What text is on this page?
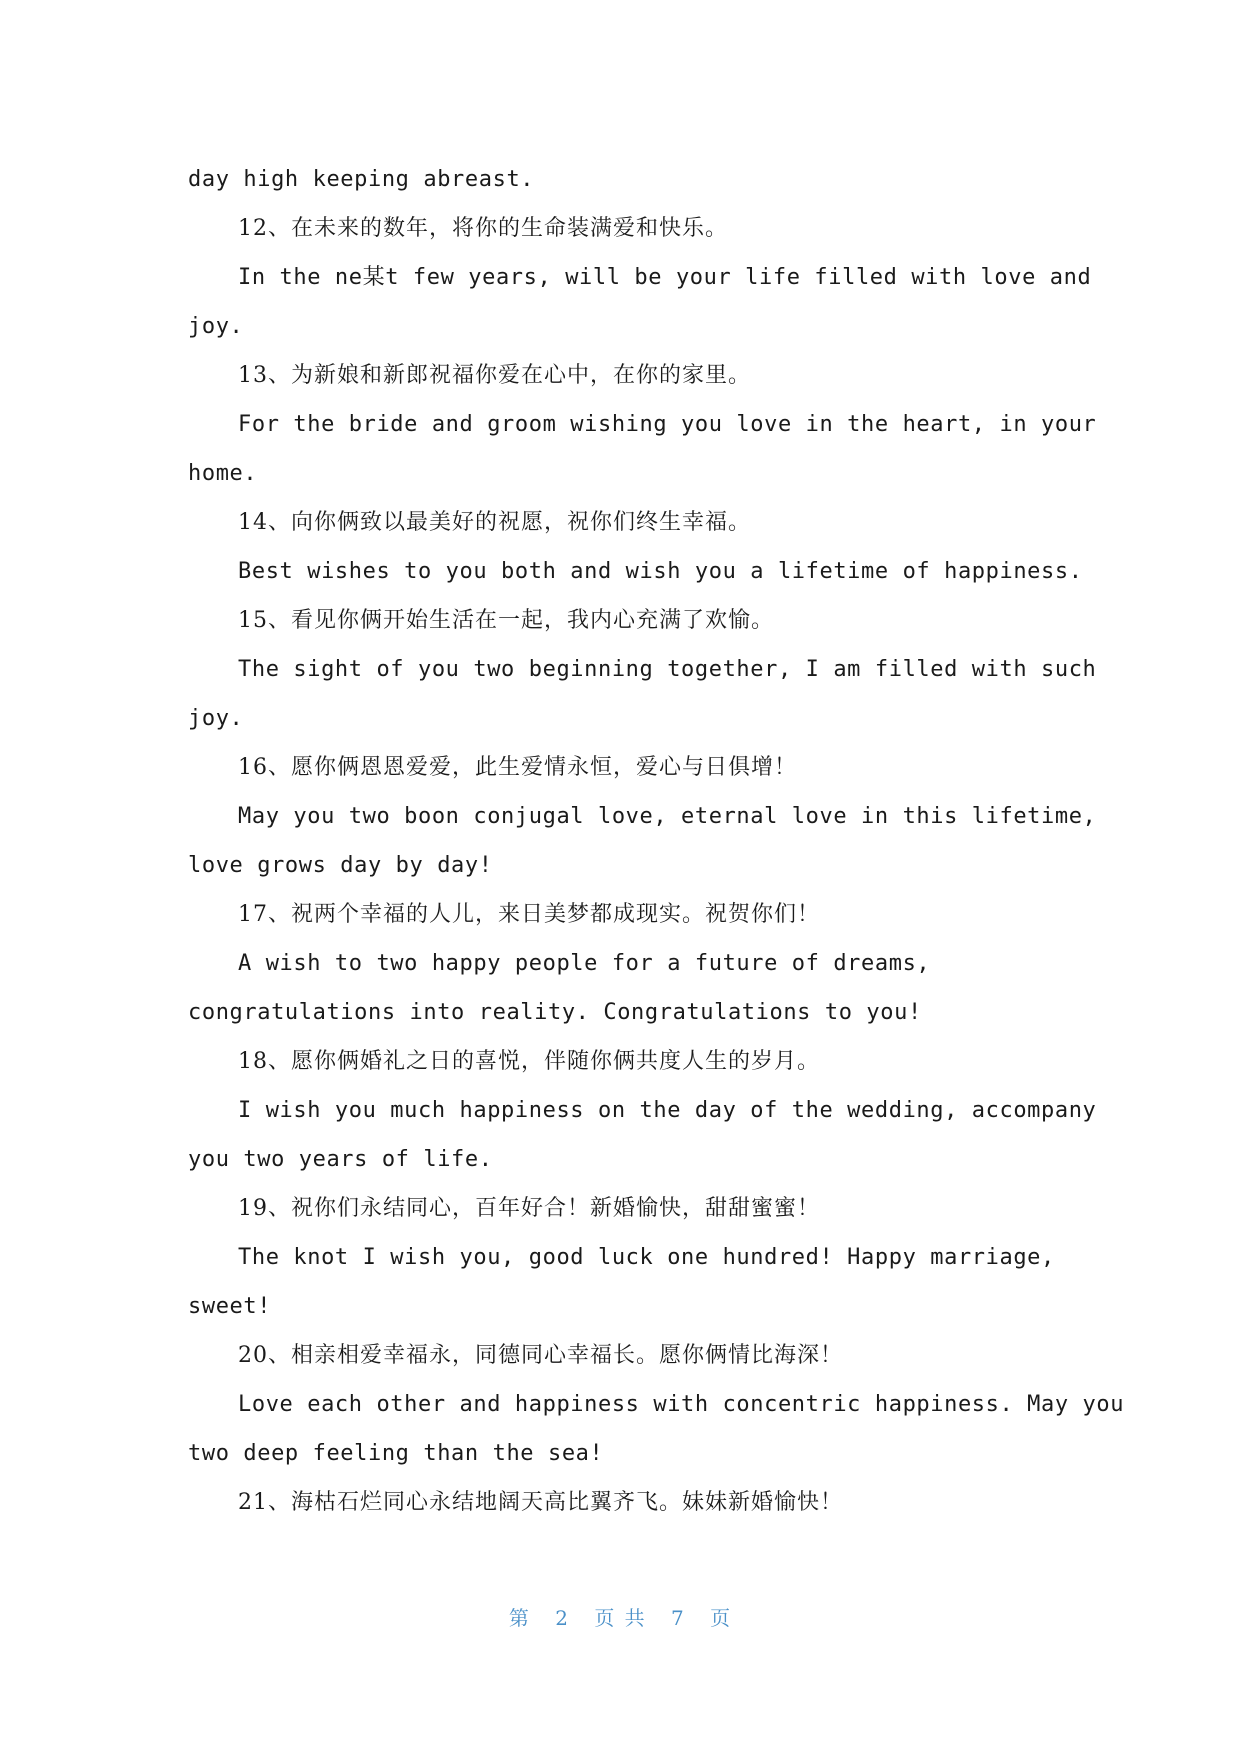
day high keeping abreast.
12、在未来的数年，将你的生命装满爱和快乐。
In the ne某t few years, will be your life filled with love and
joy.
13、为新娘和新郎祝福你爱在心中，在你的家里。
For the bride and groom wishing you love in the heart, in your
home.
14、向你俩致以最美好的祝愿，祝你们终生幸福。
Best wishes to you both and wish you a lifetime of happiness.
15、看见你俩开始生活在一起，我内心充满了欢愉。
The sight of you two beginning together, I am filled with such
joy.
16、愿你俩恩恩爱爱，此生爱情永恒，爱心与日俱增！
May you two boon conjugal love, eternal love in this lifetime,
love grows day by day!
17、祝两个幸福的人儿，来日美梦都成现实。祝贺你们！
A wish to two happy people for a future of dreams,
congratulations into reality. Congratulations to you!
18、愿你俩婚礼之日的喜悦，伴随你俩共度人生的岁月。
I wish you much happiness on the day of the wedding, accompany
you two years of life.
19、祝你们永结同心，百年好合！新婚愉快，甜甜蜜蜜！
The knot I wish you, good luck one hundred! Happy marriage,
sweet!
20、相亲相爱幸福永，同德同心幸福长。愿你俩情比海深！
Love each other and happiness with concentric happiness. May you
two deep feeling than the sea!
21、海枯石烂同心永结地阔天高比翼齐飞。妹妹新婚愉快！
第 2 页 共 7 页
